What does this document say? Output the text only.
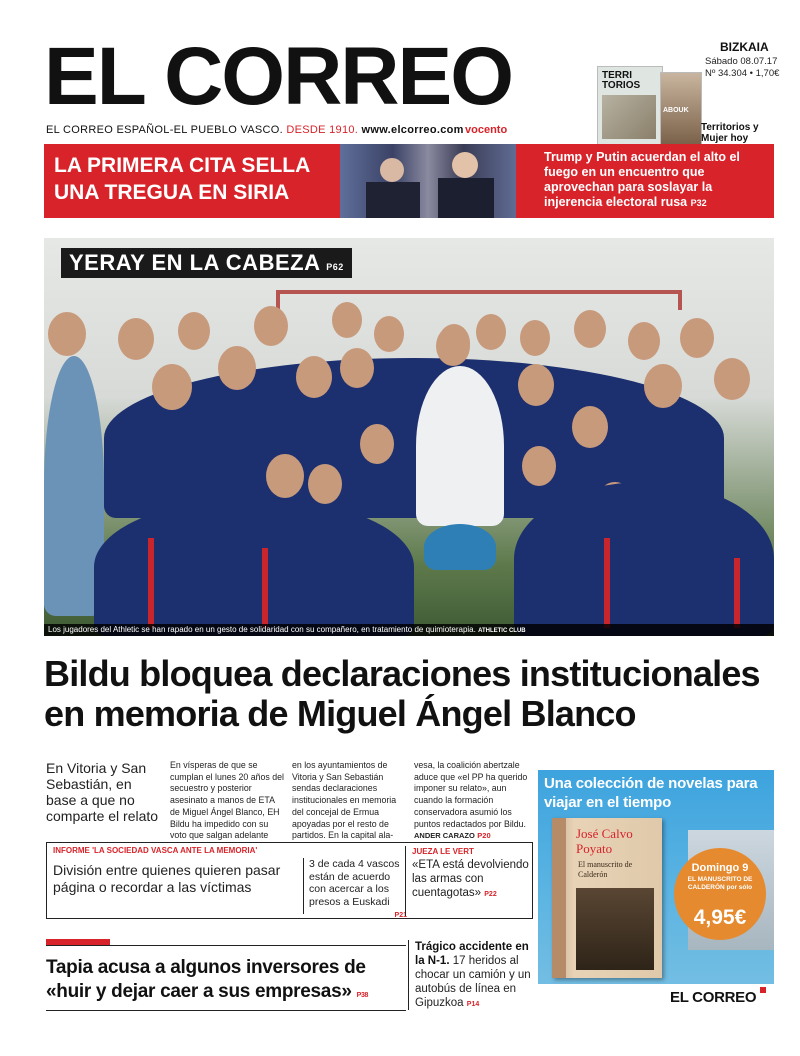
EL CORREO
EL CORREO ESPAÑOL-EL PUEBLO VASCO. DESDE 1910. www.elcorreo.com vocento
BIZKAIA
Sábado 08.07.17
Nº 34.304 • 1,70€
TERRI TORIOS
ABOUK
Territorios y Mujer hoy
LA PRIMERA CITA SELLA UNA TREGUA EN SIRIA
Trump y Putin acuerdan el alto el fuego en un encuentro que aprovechan para soslayar la injerencia electoral rusa P32
YERAY EN LA CABEZA P62
Los jugadores del Athletic se han rapado en un gesto de solidaridad con su compañero, en tratamiento de quimioterapia. ATHLETIC CLUB
Bildu bloquea declaraciones institucionales en memoria de Miguel Ángel Blanco
En Vitoria y San Sebastián, en base a que no comparte el relato
En vísperas de que se cumplan el lunes 20 años del secuestro y posterior asesinato a manos de ETA de Miguel Ángel Blanco, EH Bildu ha impedido con su voto que salgan adelante
en los ayuntamientos de Vitoria y San Sebastián sendas declaraciones institucionales en memoria del concejal de Ermua apoyadas por el resto de partidos. En la capital ala-
vesa, la coalición abertzale aduce que «el PP ha querido imponer su relato», aun cuando la formación conservadora asumió los puntos redactados por Bildu. ANDER CARAZO P20
INFORME 'LA SOCIEDAD VASCA ANTE LA MEMORIA'
División entre quienes quieren pasar página o recordar a las víctimas
3 de cada 4 vascos están de acuerdo con acercar a los presos a Euskadi
P21
JUEZA LE VERT
«ETA está devolviendo las armas con cuentagotas» P22
Tapia acusa a algunos inversores de «huir y dejar caer a sus empresas» P38
Trágico accidente en la N-1. 17 heridos al chocar un camión y un autobús de línea en Gipuzkoa P14
Una colección de novelas para viajar en el tiempo
José Calvo Poyato
El manuscrito de Calderón
Domingo 9
EL MANUSCRITO DE CALDERÓN por sólo
4,95€
EL CORREO
